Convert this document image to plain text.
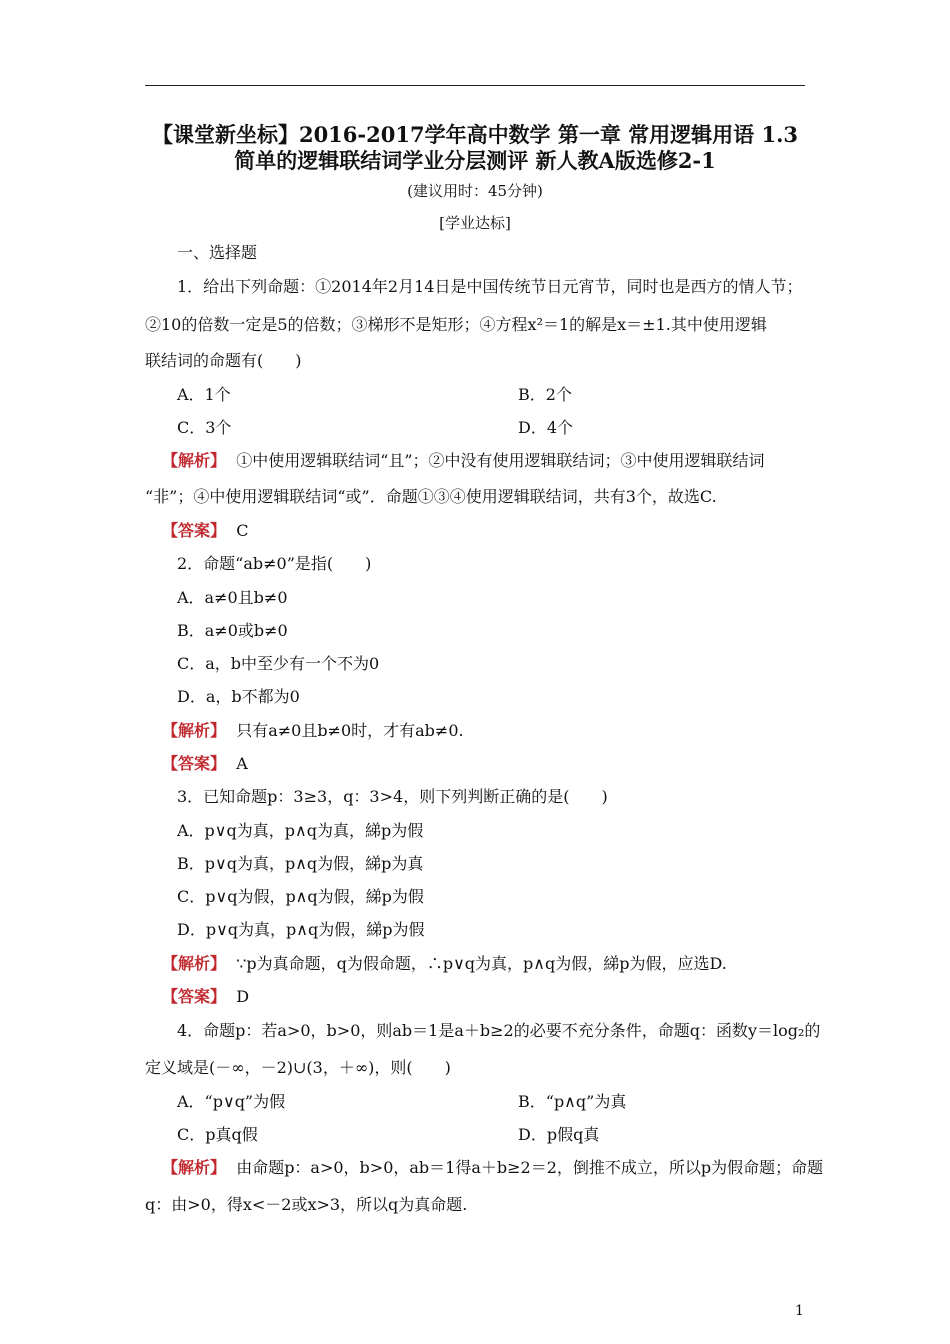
【课堂新坐标】2016-2017学年高中数学 第一章 常用逻辑用语 1.3
简单的逻辑联结词学业分层测评 新人教A版选修2-1
(建议用时：45分钟)
[学业达标]
一、选择题
1．给出下列命题：①2014年2月14日是中国传统节日元宵节，同时也是西方的情人节；
②10的倍数一定是5的倍数；③梯形不是矩形；④方程x²＝1的解是x＝±1.其中使用逻辑
联结词的命题有(　　)
A．1个	B．2个
C．3个	D．4个
【解析】 ①中使用逻辑联结词“且”；②中没有使用逻辑联结词；③中使用逻辑联结词
“非”；④中使用逻辑联结词“或”．命题①③④使用逻辑联结词，共有3个，故选C.
【答案】 C
2．命题“ab≠0”是指(　　)
A．a≠0且b≠0
B．a≠0或b≠0
C．a，b中至少有一个不为0
D．a，b不都为0
【解析】 只有a≠0且b≠0时，才有ab≠0.
【答案】 A
3．已知命题p：3≥3，q：3>4，则下列判断正确的是(　　)
A．p∨q为真，p∧q为真，綈p为假
B．p∨q为真，p∧q为假，綈p为真
C．p∨q为假，p∧q为假，綈p为假
D．p∨q为真，p∧q为假，綈p为假
【解析】 ∵p为真命题，q为假命题，∴p∨q为真，p∧q为假，綈p为假，应选D.
【答案】 D
4．命题p：若a>0，b>0，则ab＝1是a＋b≥2的必要不充分条件，命题q：函数y＝log₂的
定义域是(－∞，－2)∪(3，＋∞)，则(　　)
A．“p∨q”为假	B．“p∧q”为真
C．p真q假	D．p假q真
【解析】 由命题p：a>0，b>0，ab＝1得a＋b≥2＝2，倒推不成立，所以p为假命题；命题
q：由>0，得x<－2或x>3，所以q为真命题.
1
